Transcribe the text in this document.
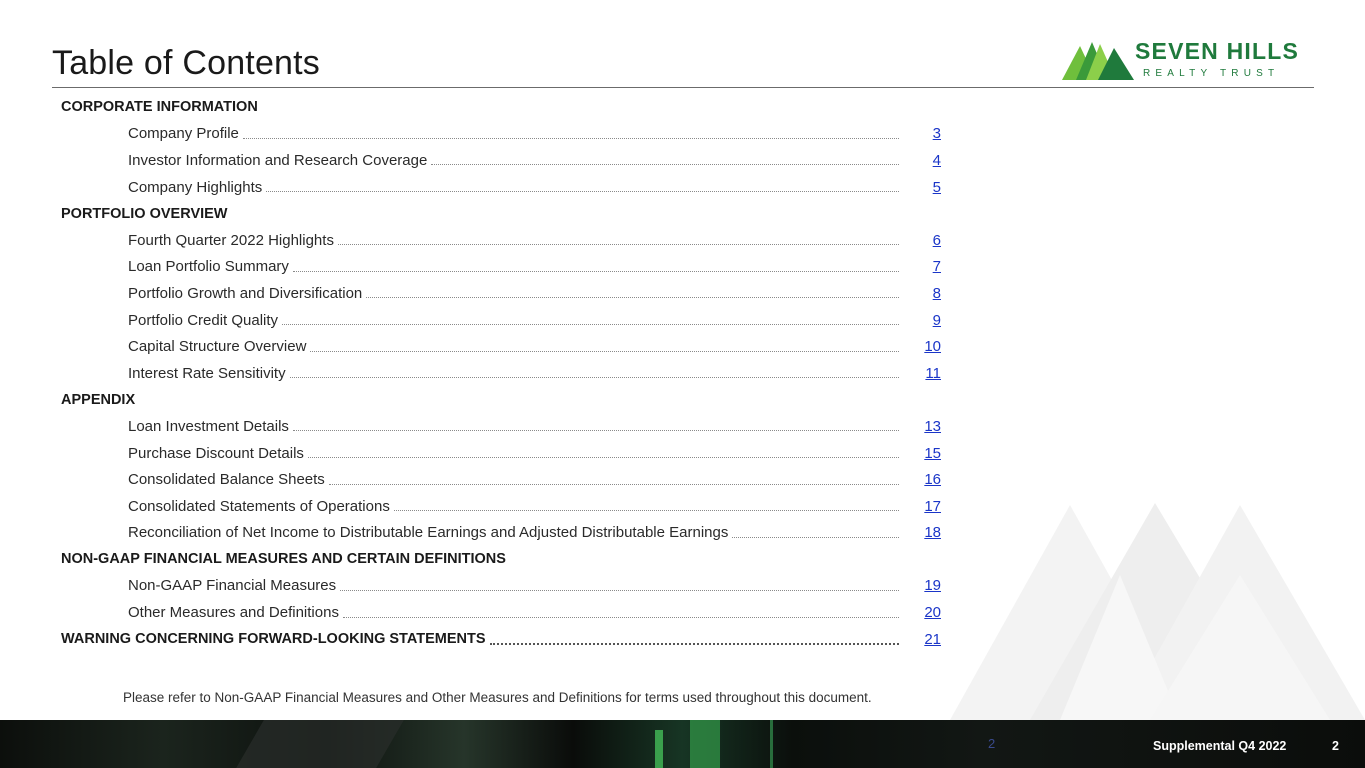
Table of Contents	SEVEN HILLS
REALTY TRUST
CORPORATE INFORMATION
Company Profile	3
Investor Information and Research Coverage	4
Company Highlights	5
PORTFOLIO OVERVIEW
Fourth Quarter 2022 Highlights	6
Loan Portfolio Summary	7
Portfolio Growth and Diversification	8
Portfolio Credit Quality	9
Capital Structure Overview	10
Interest Rate Sensitivity	11
APPENDIX
Loan Investment Details	13
Purchase Discount Details	15
Consolidated Balance Sheets	16
Consolidated Statements of Operations	17
Reconciliation of Net Income to Distributable Earnings and Adjusted Distributable Earnings	18
NON-GAAP FINANCIAL MEASURES AND CERTAIN DEFINITIONS
Non-GAAP Financial Measures	19
Other Measures and Definitions	20
WARNING CONCERNING FORWARD-LOOKING STATEMENTS	21
Please refer to Non-GAAP Financial Measures and Other Measures and Definitions for terms used throughout this document.
2	Supplemental Q4 2022	2
